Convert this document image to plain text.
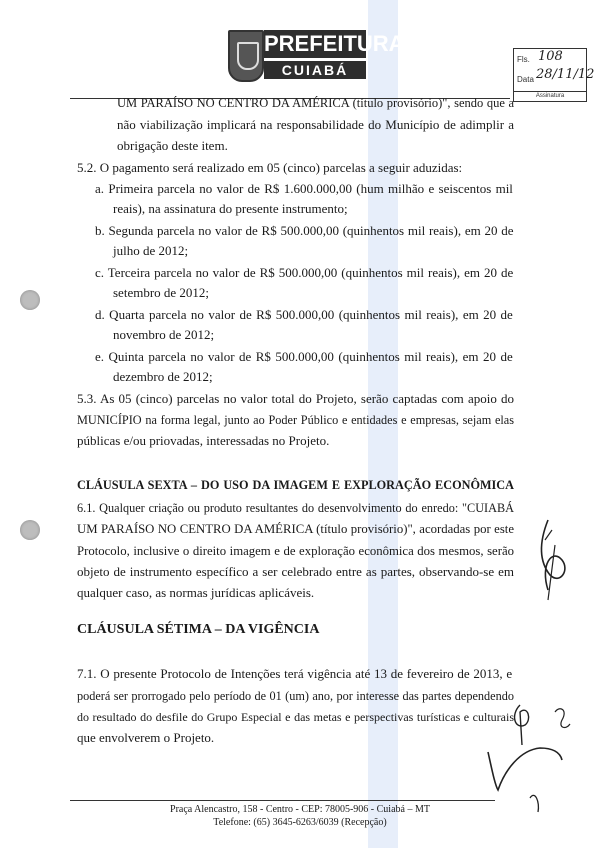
PREFEITURA
CUIABÁ
Fls. 108
Data 28/11/12
Assinatura
UM PARAÍSO NO CENTRO DA AMÉRICA (título provisório)", sendo que a
não viabilização implicará na responsabilidade do Município de adimplir a
obrigação deste item.
5.2. O pagamento será realizado em 05 (cinco) parcelas a seguir aduzidas:
a. Primeira parcela no valor de R$ 1.600.000,00 (hum milhão e seiscentos mil
reais), na assinatura do presente instrumento;
b. Segunda parcela no valor de R$ 500.000,00 (quinhentos mil reais), em 20 de
julho de 2012;
c. Terceira parcela no valor de R$ 500.000,00 (quinhentos mil reais), em 20 de
setembro de 2012;
d. Quarta parcela no valor de R$ 500.000,00 (quinhentos mil reais), em 20 de
novembro de 2012;
e. Quinta parcela no valor de R$ 500.000,00 (quinhentos mil reais), em 20 de
dezembro de 2012;
5.3. As 05 (cinco) parcelas no valor total do Projeto, serão captadas com apoio do
MUNICÍPIO na forma legal, junto ao Poder Público e entidades e empresas, sejam elas
públicas e/ou priovadas, interessadas no Projeto.
CLÁUSULA SEXTA – DO USO DA IMAGEM E EXPLORAÇÃO ECONÔMICA
6.1. Qualquer criação ou produto resultantes do desenvolvimento do enredo: "CUIABÁ
UM PARAÍSO NO CENTRO DA AMÉRICA (título provisório)", acordadas por este
Protocolo, inclusive o direito imagem e de exploração econômica dos mesmos, serão
objeto de instrumento específico a ser celebrado entre as partes, observando-se em
qualquer caso, as normas jurídicas aplicáveis.
CLÁUSULA SÉTIMA – DA VIGÊNCIA
7.1. O presente Protocolo de Intenções terá vigência até 13 de fevereiro de 2013, e
poderá ser prorrogado pelo período de 01 (um) ano, por interesse das partes dependendo
do resultado do desfile do Grupo Especial e das metas e perspectivas turísticas e culturais
que envolverem o Projeto.
Praça Alencastro, 158 - Centro - CEP: 78005-906 - Cuiabá – MT
Telefone: (65) 3645-6263/6039 (Recepção)
